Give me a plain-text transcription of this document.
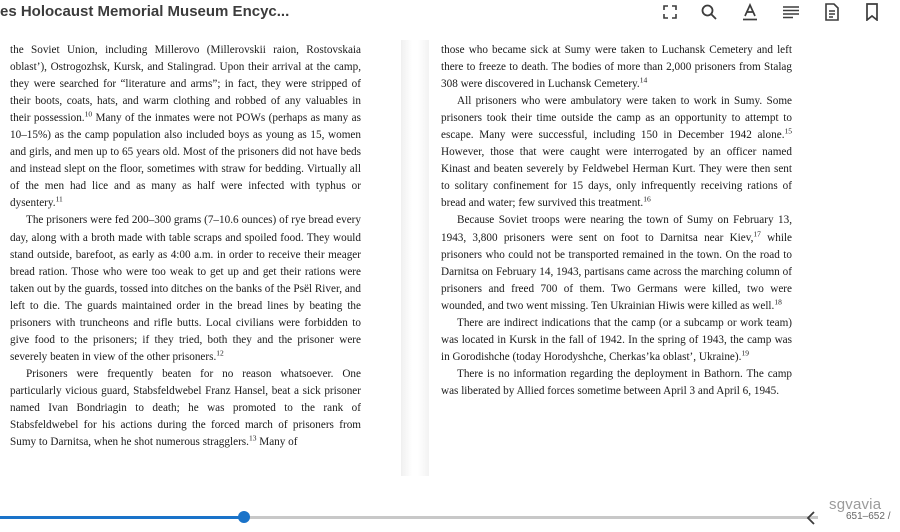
es Holocaust Memorial Museum Encyc...

the Soviet Union, including Millerovo (Millerovskii raion, Rostovskaia oblast’), Ostrogozhsk, Kursk, and Stalingrad. Upon their arrival at the camp, they were searched for “literature and arms”; in fact, they were stripped of their boots, coats, hats, and warm clothing and robbed of any valuables in their possession.$^{10}$ Many of the inmates were not POWs (perhaps as many as 10–15%) as the camp population also included boys as young as 15, women and girls, and men up to 65 years old. Most of the prisoners did not have beds and instead slept on the floor, sometimes with straw for bedding. Virtually all of the men had lice and as many as half were infected with typhus or dysentery.$^{11}$

The prisoners were fed 200–300 grams (7–10.6 ounces) of rye bread every day, along with a broth made with table scraps and spoiled food. They would stand outside, barefoot, as early as 4:00 a.m. in order to receive their meager bread ration. Those who were too weak to get up and get their rations were taken out by the guards, tossed into ditches on the banks of the Psël River, and left to die. The guards maintained order in the bread lines by beating the prisoners with truncheons and rifle butts. Local civilians were forbidden to give food to the prisoners; if they tried, both they and the prisoner were severely beaten in view of the other prisoners.$^{12}$

Prisoners were frequently beaten for no reason whatsoever. One particularly vicious guard, Stabsfeldwebel Franz Hansel, beat a sick prisoner named Ivan Bondriagin to death; he was promoted to the rank of Stabsfeldwebel for his actions during the forced march of prisoners from Sumy to Darnitsa, when he shot numerous stragglers.$^{13}$ Many of

those who became sick at Sumy were taken to Luchansk Cemetery and left there to freeze to death. The bodies of more than 2,000 prisoners from Stalag 308 were discovered in Luchansk Cemetery.$^{14}$

All prisoners who were ambulatory were taken to work in Sumy. Some prisoners took their time outside the camp as an opportunity to attempt to escape. Many were successful, including 150 in December 1942 alone.$^{15}$ However, those that were caught were interrogated by an officer named Kinast and beaten severely by Feldwebel Herman Kurt. They were then sent to solitary confinement for 15 days, only infrequently receiving rations of bread and water; few survived this treatment.$^{16}$

Because Soviet troops were nearing the town of Sumy on February 13, 1943, 3,800 prisoners were sent on foot to Darnitsa near Kiev,$^{17}$ while prisoners who could not be transported remained in the town. On the road to Darnitsa on February 14, 1943, partisans came across the marching column of prisoners and freed 700 of them. Two Germans were killed, two were wounded, and two went missing. Ten Ukrainian Hiwis were killed as well.$^{18}$

There are indirect indications that the camp (or a subcamp or work team) was located in Kursk in the fall of 1942. In the spring of 1943, the camp was in Gorodishche (today Horodyshche, Cherkas’ka oblast’, Ukraine).$^{19}$

There is no information regarding the deployment in Bathorn. The camp was liberated by Allied forces sometime between April 3 and April 6, 1945.

sgvavia
651–652 /
